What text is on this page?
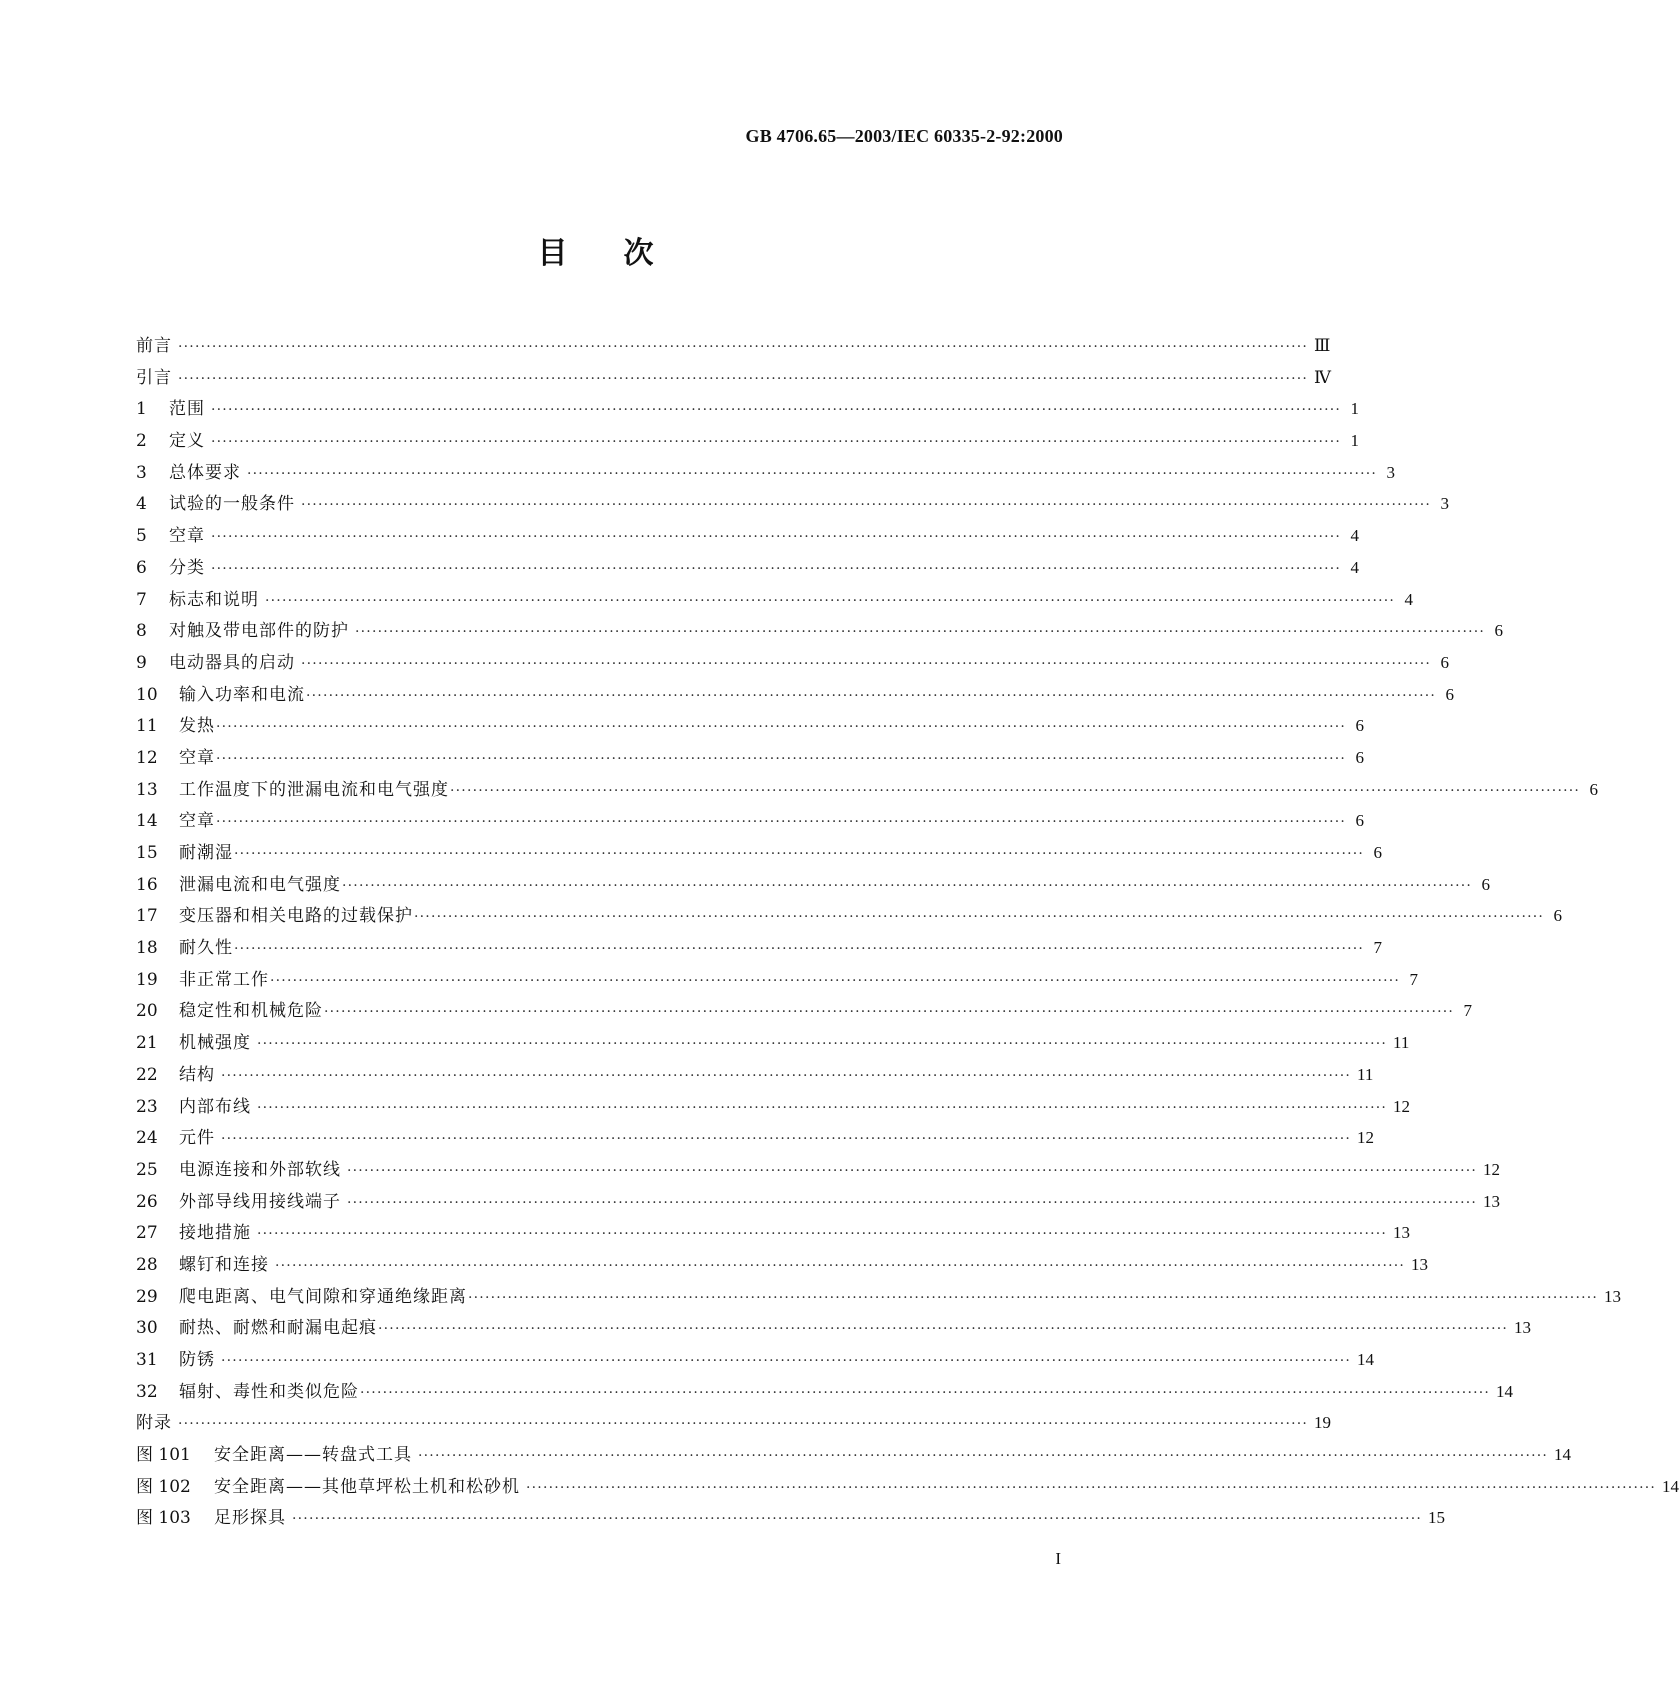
GB 4706.65—2003/IEC 60335-2-92:2000
目次
前言 ········································································································································································································ Ⅲ
引言 ········································································································································································································ Ⅳ
1	范围 ········································································································································································································ 1
2	定义 ········································································································································································································ 1
3	总体要求 ········································································································································································································ 3
4	试验的一般条件 ········································································································································································································ 3
5	空章 ········································································································································································································ 4
6	分类 ········································································································································································································ 4
7	标志和说明 ········································································································································································································ 4
8	对触及带电部件的防护 ········································································································································································································ 6
9	电动器具的启动 ········································································································································································································ 6
10	输入功率和电流 ········································································································································································································ 6
11	发热 ········································································································································································································ 6
12	空章 ········································································································································································································ 6
13	工作温度下的泄漏电流和电气强度 ········································································································································································································ 6
14	空章 ········································································································································································································ 6
15	耐潮湿 ········································································································································································································ 6
16	泄漏电流和电气强度 ········································································································································································································ 6
17	变压器和相关电路的过载保护 ········································································································································································································ 6
18	耐久性 ········································································································································································································ 7
19	非正常工作 ········································································································································································································ 7
20	稳定性和机械危险 ········································································································································································································ 7
21	机械强度 ········································································································································································································ 11
22	结构 ········································································································································································································ 11
23	内部布线 ········································································································································································································ 12
24	元件 ········································································································································································································ 12
25	电源连接和外部软线 ········································································································································································································ 12
26	外部导线用接线端子 ········································································································································································································ 13
27	接地措施 ········································································································································································································ 13
28	螺钉和连接 ········································································································································································································ 13
29	爬电距离、电气间隙和穿通绝缘距离 ········································································································································································································ 13
30	耐热、耐燃和耐漏电起痕 ········································································································································································································ 13
31	防锈 ········································································································································································································ 14
32	辐射、毒性和类似危险 ········································································································································································································ 14
附录 ········································································································································································································ 19
图 101	安全距离——转盘式工具 ········································································································································································································ 14
图 102	安全距离——其他草坪松土机和松砂机 ········································································································································································································ 14
图 103	足形探具 ········································································································································································································ 15
I
